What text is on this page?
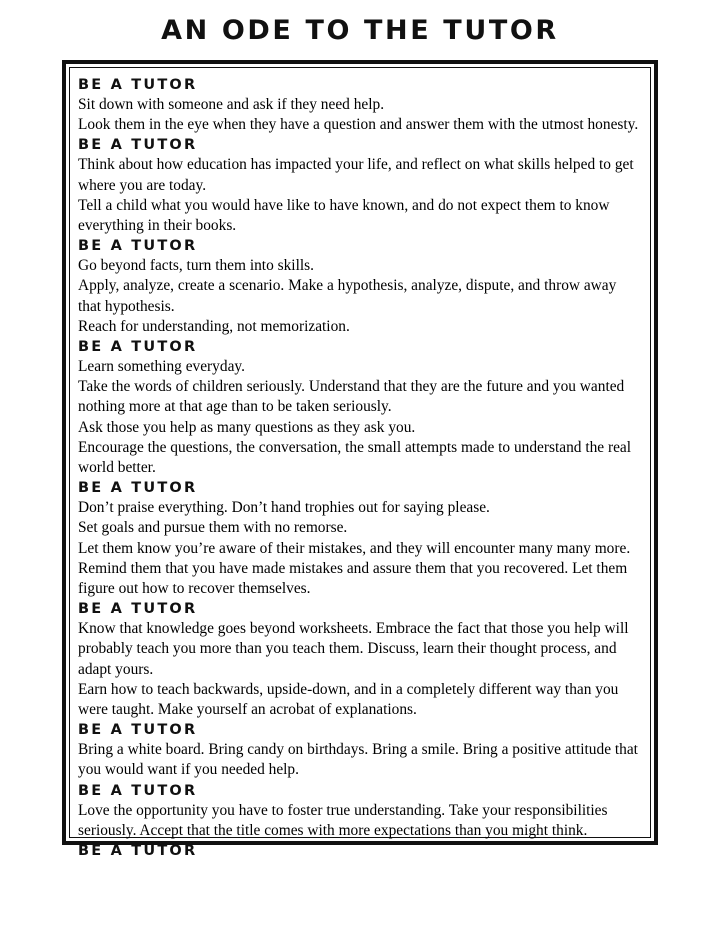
AN ODE TO THE TUTOR
BE A TUTOR

Sit down with someone and ask if they need help.

Look them in the eye when they have a question and answer them with the utmost honesty.

BE A TUTOR

Think about how education has impacted your life, and reflect on what skills helped to get where you are today.

Tell a child what you would have like to have known, and do not expect them to know everything in their books.

BE A TUTOR

Go beyond facts, turn them into skills.

Apply, analyze, create a scenario. Make a hypothesis, analyze, dispute, and throw away that hypothesis.

Reach for understanding, not memorization.

BE A TUTOR

Learn something everyday.

Take the words of children seriously. Understand that they are the future and you wanted nothing more at that age than to be taken seriously.

Ask those you help as many questions as they ask you.

Encourage the questions, the conversation, the small attempts made to understand the real world better.

BE A TUTOR

Don’t praise everything. Don’t hand trophies out for saying please.

Set goals and pursue them with no remorse.

Let them know you’re aware of their mistakes, and they will encounter many many more.

Remind them that you have made mistakes and assure them that you recovered. Let them figure out how to recover themselves.

BE A TUTOR

Know that knowledge goes beyond worksheets. Embrace the fact that those you help will probably teach you more than you teach them. Discuss, learn their thought process, and adapt yours.

Earn how to teach backwards, upside-down, and in a completely different way than you were taught. Make yourself an acrobat of explanations.

BE A TUTOR

Bring a white board. Bring candy on birthdays. Bring a smile. Bring a positive attitude that you would want if you needed help.

BE A TUTOR

Love the opportunity you have to foster true understanding. Take your responsibilities seriously. Accept that the title comes with more expectations than you might think.

BE A TUTOR
